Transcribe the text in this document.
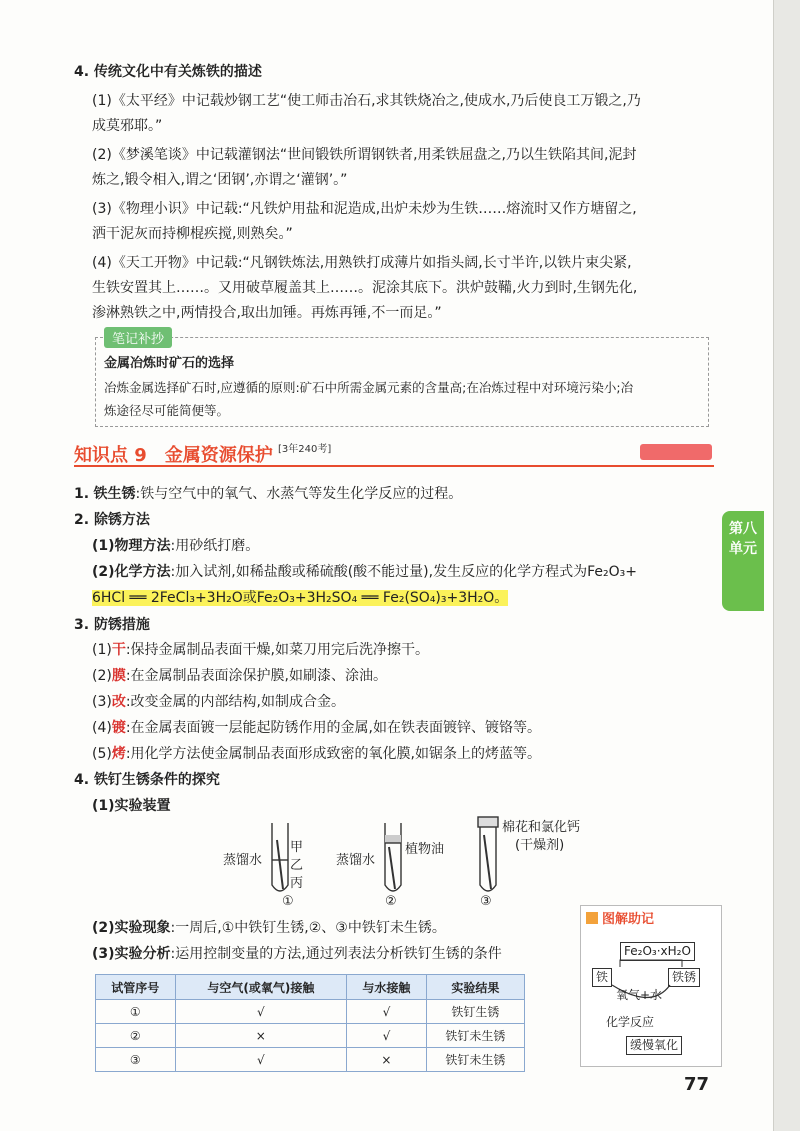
4. 传统文化中有关炼铁的描述
(1)《太平经》中记载炒钢工艺“使工师击冶石,求其铁烧冶之,使成水,乃后使良工万锻之,乃
成莫邪耶。”
(2)《梦溪笔谈》中记载灌钢法“世间锻铁所谓钢铁者,用柔铁屈盘之,乃以生铁陷其间,泥封
炼之,锻令相入,谓之‘团钢’,亦谓之‘灌钢’。”
(3)《物理小识》中记载:“凡铁炉用盐和泥造成,出炉未炒为生铁……熔流时又作方塘留之,
洒干泥灰而持柳棍疾搅,则熟矣。”
(4)《天工开物》中记载:“凡钢铁炼法,用熟铁打成薄片如指头阔,长寸半许,以铁片束尖紧,
生铁安置其上……。又用破草履盖其上……。泥涂其底下。洪炉鼓鞴,火力到时,生钢先化,
渗淋熟铁之中,两情投合,取出加锤。再炼再锤,不一而足。”
笔记补抄
金属冶炼时矿石的选择
冶炼金属选择矿石时,应遵循的原则:矿石中所需金属元素的含量高;在冶炼过程中对环境污染小;冶
炼途径尽可能简便等。
知识点 9　金属资源保护 [3年240考]
第八
单元
1. 铁生锈:铁与空气中的氧气、水蒸气等发生化学反应的过程。
2. 除锈方法
(1)物理方法:用砂纸打磨。
(2)化学方法:加入试剂,如稀盐酸或稀硫酸(酸不能过量),发生反应的化学方程式为Fe₂O₃+
6HCl ══ 2FeCl₃+3H₂O或Fe₂O₃+3H₂SO₄ ══ Fe₂(SO₄)₃+3H₂O。
3. 防锈措施
(1)干:保持金属制品表面干燥,如菜刀用完后洗净擦干。
(2)膜:在金属制品表面涂保护膜,如刷漆、涂油。
(3)改:改变金属的内部结构,如制成合金。
(4)镀:在金属表面镀一层能起防锈作用的金属,如在铁表面镀锌、镀铬等。
(5)烤:用化学方法使金属制品表面形成致密的氧化膜,如锯条上的烤蓝等。
4. 铁钉生锈条件的探究
(1)实验装置
蒸馏水
甲
乙
丙
①
蒸馏水
植物油
②
棉花和氯化钙
(干燥剂)
③
(2)实验现象:一周后,①中铁钉生锈,②、③中铁钉未生锈。
(3)实验分析:运用控制变量的方法,通过列表法分析铁钉生锈的条件
试管序号	与空气(或氧气)接触	与水接触	实验结果
①	√	√	铁钉生锈
②	×	√	铁钉未生锈
③	√	×	铁钉未生锈
图解助记
Fe₂O₃·xH₂O
铁	铁锈
氧气+水
化学反应
缓慢氧化
77
